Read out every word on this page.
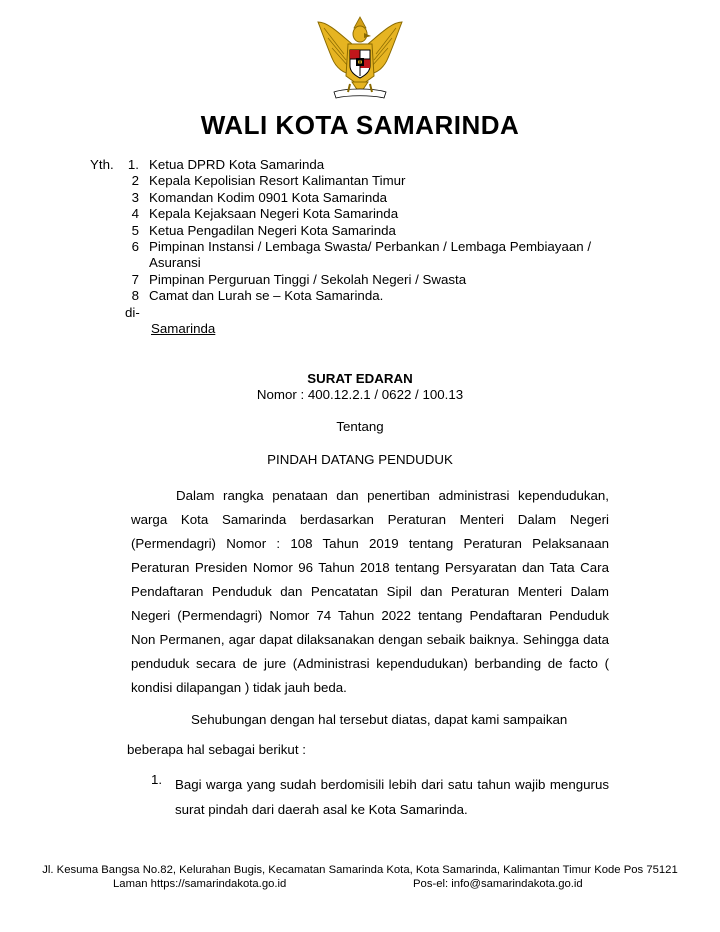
WALI KOTA SAMARINDA
Yth. 1. Ketua DPRD Kota Samarinda
2 Kepala Kepolisian Resort Kalimantan Timur
3 Komandan Kodim 0901 Kota Samarinda
4 Kepala Kejaksaan Negeri Kota Samarinda
5 Ketua Pengadilan Negeri Kota Samarinda
6 Pimpinan Instansi / Lembaga Swasta/ Perbankan / Lembaga Pembiayaan /
Asuransi
7 Pimpinan Perguruan Tinggi / Sekolah Negeri / Swasta
8 Camat dan Lurah se – Kota Samarinda.
di-
Samarinda
SURAT EDARAN
Nomor : 400.12.2.1 / 0622 / 100.13
Tentang
PINDAH DATANG PENDUDUK

Dalam rangka penataan dan penertiban administrasi kependudukan, warga Kota Samarinda berdasarkan Peraturan Menteri Dalam Negeri (Permendagri) Nomor : 108 Tahun 2019 tentang Peraturan Pelaksanaan Peraturan Presiden Nomor 96 Tahun 2018 tentang Persyaratan dan Tata Cara Pendaftaran Penduduk dan Pencatatan Sipil dan Peraturan Menteri Dalam Negeri (Permendagri) Nomor 74 Tahun 2022 tentang Pendaftaran Penduduk Non Permanen, agar dapat dilaksanakan dengan sebaik baiknya. Sehingga data penduduk secara de jure (Administrasi kependudukan) berbanding de facto ( kondisi dilapangan ) tidak jauh beda.

Sehubungan dengan hal tersebut diatas, dapat kami sampaikan
beberapa hal sebagai berikut :
1. Bagi warga yang sudah berdomisili lebih dari satu tahun wajib mengurus surat pindah dari daerah asal ke Kota Samarinda.

Jl. Kesuma Bangsa No.82, Kelurahan Bugis, Kecamatan Samarinda Kota, Kota Samarinda, Kalimantan Timur Kode Pos 75121
Laman https://samarindakota.go.id	Pos-el: info@samarindakota.go.id
